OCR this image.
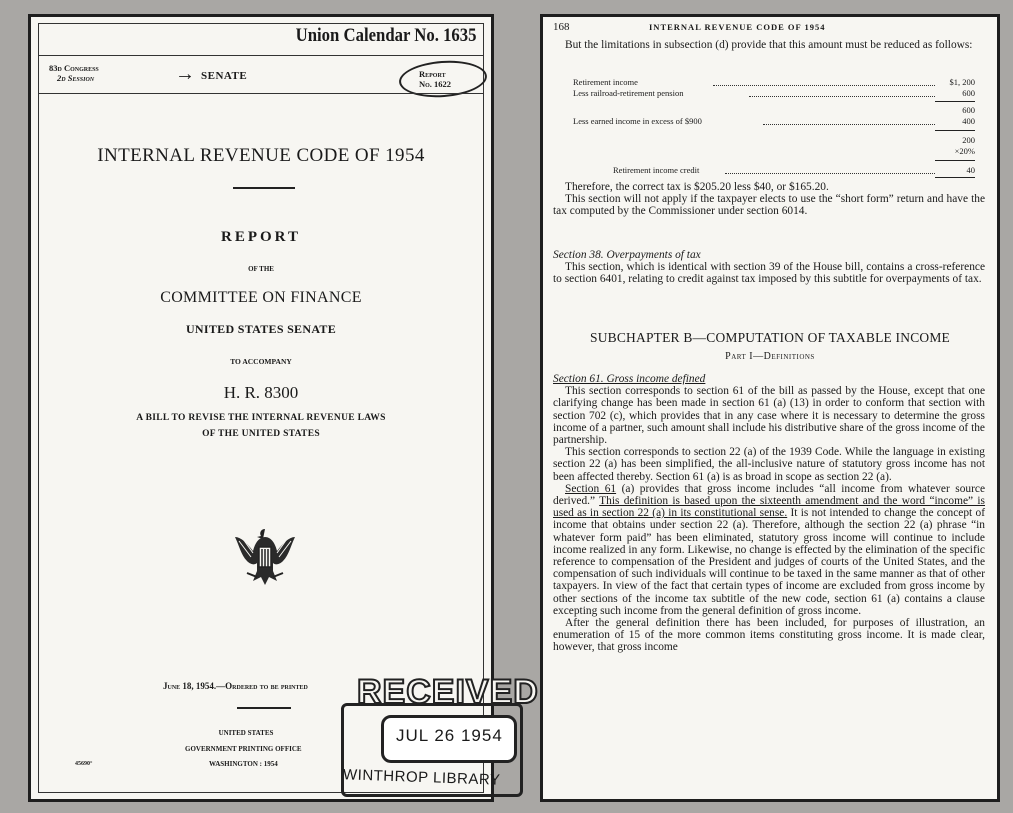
Union Calendar No. 1635
83d Congress
2d Session	→ SENATE	Report
No. 1622
INTERNAL REVENUE CODE OF 1954
REPORT
OF THE
COMMITTEE ON FINANCE
UNITED STATES SENATE
TO ACCOMPANY
H. R. 8300
A BILL TO REVISE THE INTERNAL REVENUE LAWS
OF THE UNITED STATES
June 18, 1954.—Ordered to be printed
UNITED STATES
GOVERNMENT PRINTING OFFICE
WASHINGTON : 1954
45690°
RECEIVED
JUL 26 1954
WINTHROP LIBRARY
168	INTERNAL REVENUE CODE OF 1954

But the limitations in subsection (d) provide that this amount must be reduced as follows:

Retirement income	$1, 200
Less railroad-retirement pension	600
600
Less earned income in excess of $900	400
200
×20%
Retirement income credit	40

Therefore, the correct tax is $205.20 less $40, or $165.20.

This section will not apply if the taxpayer elects to use the “short form” return and have the tax computed by the Commissioner under section 6014.

Section 38. Overpayments of tax

This section, which is identical with section 39 of the House bill, contains a cross-reference to section 6401, relating to credit against tax imposed by this subtitle for overpayments of tax.

SUBCHAPTER B—COMPUTATION OF TAXABLE INCOME
Part I—Definitions

Section 61. Gross income defined

This section corresponds to section 61 of the bill as passed by the House, except that one clarifying change has been made in section 61 (a) (13) in order to conform that section with section 702 (c), which provides that in any case where it is necessary to determine the gross income of a partner, such amount shall include his distributive share of the gross income of the partnership.

This section corresponds to section 22 (a) of the 1939 Code. While the language in existing section 22 (a) has been simplified, the all-inclusive nature of statutory gross income has not been affected thereby. Section 61 (a) is as broad in scope as section 22 (a).

Section 61 (a) provides that gross income includes “all income from whatever source derived.” This definition is based upon the sixteenth amendment and the word “income” is used as in section 22 (a) in its constitutional sense. It is not intended to change the concept of income that obtains under section 22 (a). Therefore, although the section 22 (a) phrase “in whatever form paid” has been eliminated, statutory gross income will continue to include income realized in any form. Likewise, no change is effected by the elimination of the specific reference to compensation of the President and judges of courts of the United States, and the compensation of such individuals will continue to be taxed in the same manner as that of other taxpayers. In view of the fact that certain types of income are excluded from gross income by other sections of the income tax subtitle of the new code, section 61 (a) contains a clause excepting such income from the general definition of gross income.

After the general definition there has been included, for purposes of illustration, an enumeration of 15 of the more common items constituting gross income. It is made clear, however, that gross income
